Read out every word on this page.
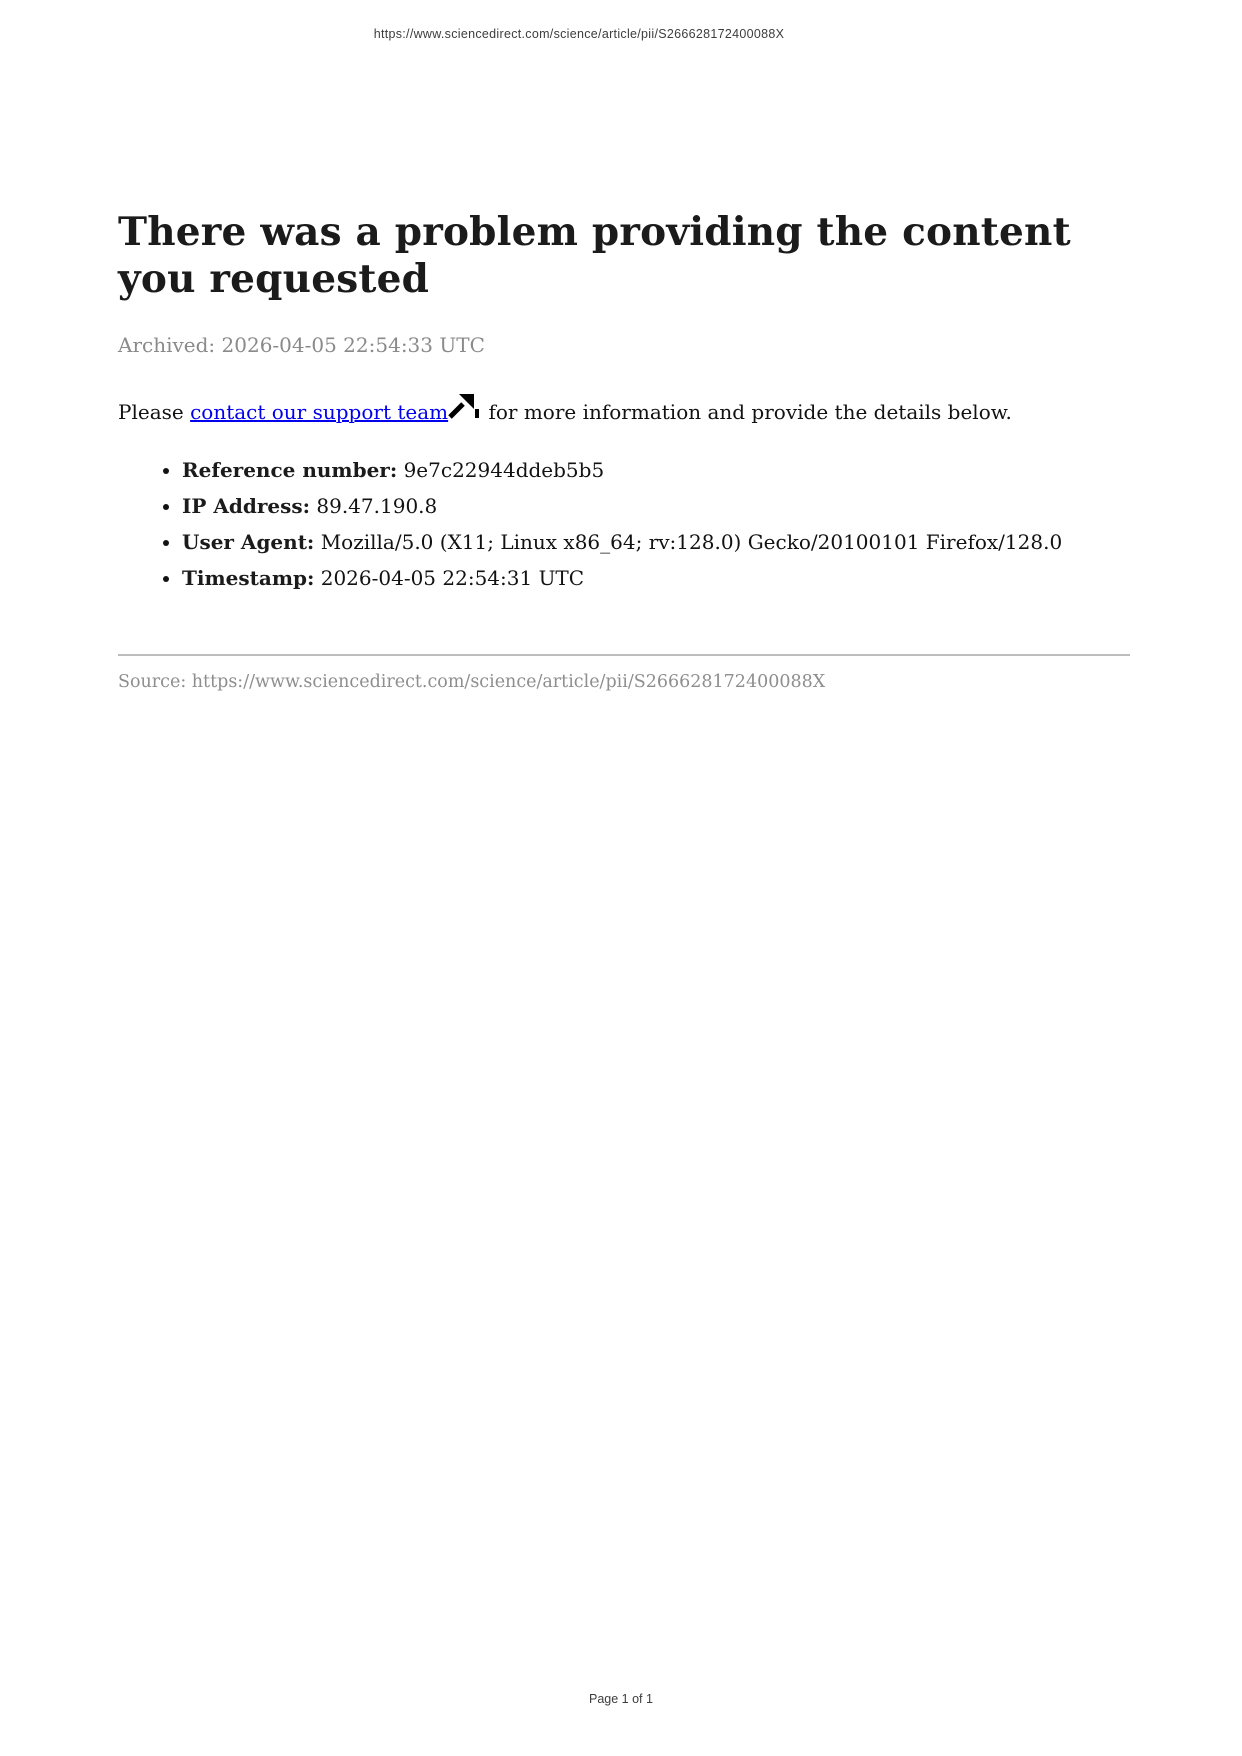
https://www.sciencedirect.com/science/article/pii/S266628172400088X
There was a problem providing the content you requested

Archived: 2026-04-05 22:54:33 UTC

Please contact our support team
for more information and provide the details below.

• Reference number: 9e7c22944ddeb5b5
• IP Address: 89.47.190.8
• User Agent: Mozilla/5.0 (X11; Linux x86_64; rv:128.0) Gecko/20100101 Firefox/128.0
• Timestamp: 2026-04-05 22:54:31 UTC

Source: https://www.sciencedirect.com/science/article/pii/S266628172400088X

Page 1 of 1
